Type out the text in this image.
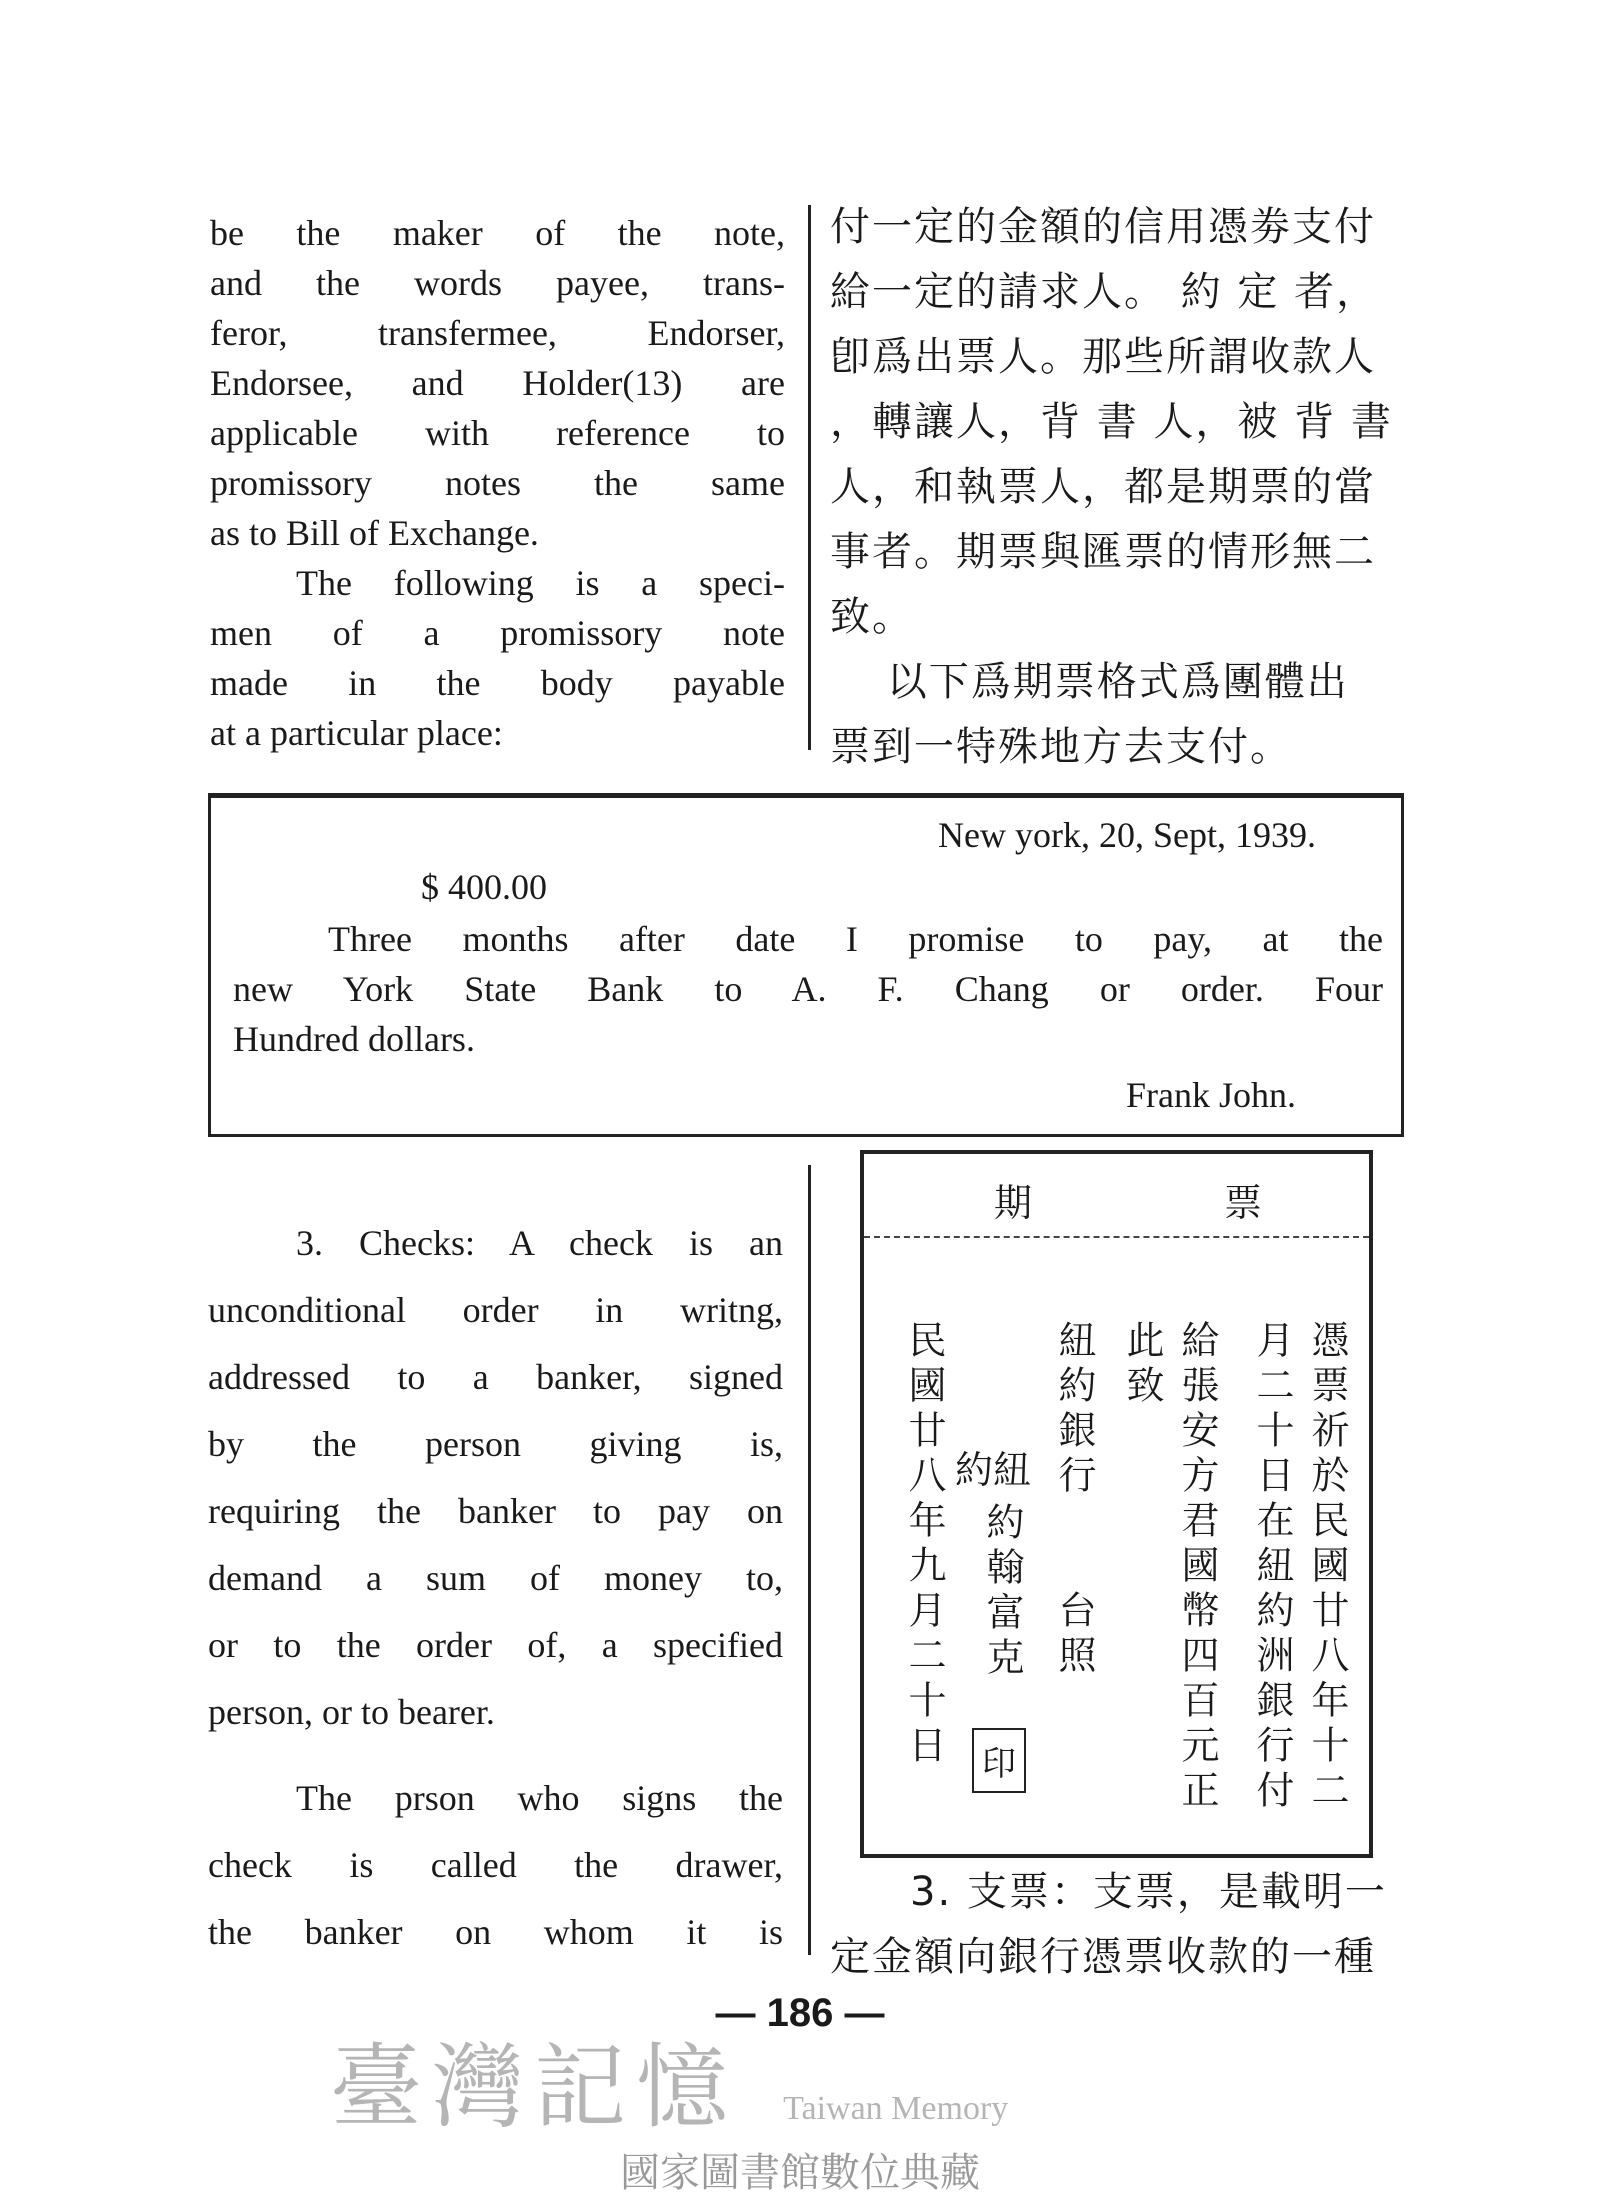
be the maker of the note,
and the words payee, trans-
feror, transfermee, Endorser,
Endorsee, and Holder(13) are
applicable with reference to
promissory notes the same
as to Bill of Exchange.
The following is a speci-
men of a promissory note
made in the body payable
at a particular place:
付一定的金額的信用憑劵支付
給一定的請求人。 約 定 者，
卽爲出票人。那些所謂收款人
，轉讓人，背 書 人，被 背 書
人，和執票人，都是期票的當
事者。期票與匯票的情形無二
致。
　 以下爲期票格式爲團體出
票到一特殊地方去支付。
New york, 20, Sept, 1939.
$ 400.00
Three months after date I promise to pay, at the
new York State Bank to A. F. Chang or order. Four
Hundred dollars.
Frank John.
3. Checks: A check is an
unconditional order in writng,
addressed to a banker, signed
by the person giving is,
requiring the banker to pay on
demand a sum of money to,
or to the order of, a specified
person, or to bearer.
The prson who signs the
check is called the drawer,
the banker on whom it is
期	票
憑票祈於民國廿八年十二
月二十日在紐約洲銀行付
給張安方君國幣四百元正
此致
紐約銀行　　台照
約紐
約翰富克
民國廿八年九月二十日 印
臺灣記憶 Taiwan Memory
3. 支票：支票，是載明一
定金額向銀行憑票收款的一種
— 186 —
國家圖書館數位典藏
